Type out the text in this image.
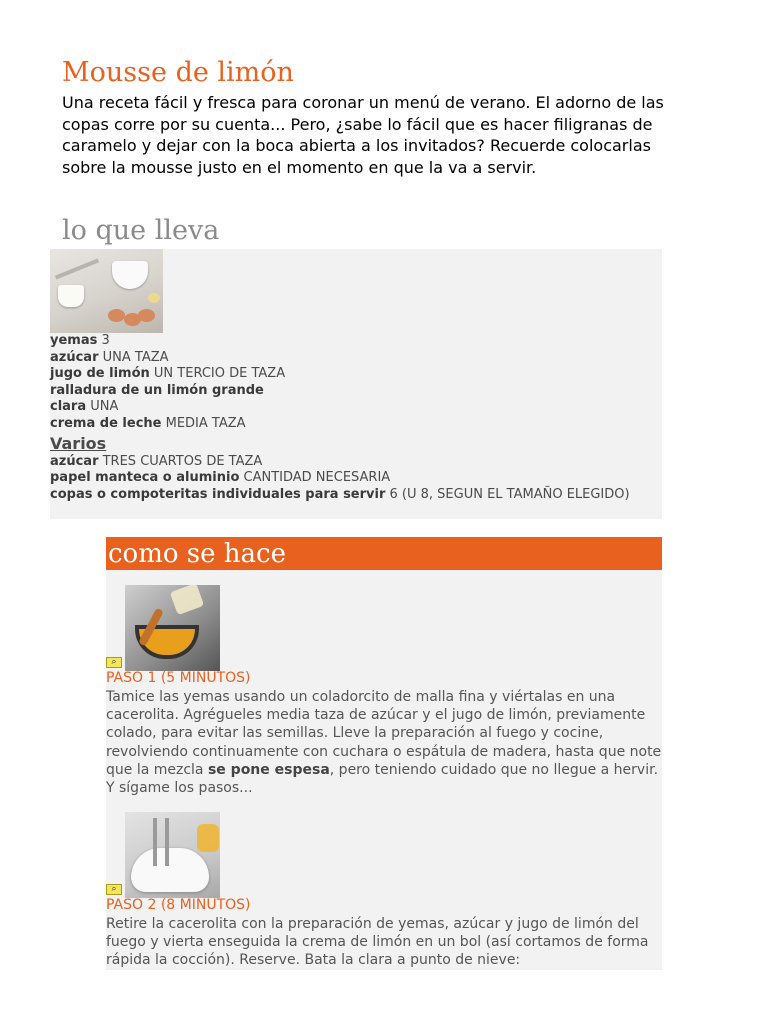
Mousse de limón

Una receta fácil y fresca para coronar un menú de verano. El adorno de las copas corre por su cuenta... Pero, ¿sabe lo fácil que es hacer filigranas de caramelo y dejar con la boca abierta a los invitados? Recuerde colocarlas sobre la mousse justo en el momento en que la va a servir.

lo que lleva
yemas 3
azúcar UNA TAZA
jugo de limón UN TERCIO DE TAZA
ralladura de un limón grande
clara UNA
crema de leche MEDIA TAZA
Varios
azúcar TRES CUARTOS DE TAZA
papel manteca o aluminio CANTIDAD NECESARIA
copas o compoteritas individuales para servir 6 (U 8, SEGUN EL TAMAÑO ELEGIDO)
como se hace
⌕
PASO 1 (5 MINUTOS)

Tamice las yemas usando un coladorcito de malla fina y viértalas en una cacerolita. Agrégueles media taza de azúcar y el jugo de limón, previamente colado, para evitar las semillas. Lleve la preparación al fuego y cocine, revolviendo continuamente con cuchara o espátula de madera, hasta que note que la mezcla se pone espesa, pero teniendo cuidado que no llegue a hervir. Y sígame los pasos...

⌕
PASO 2 (8 MINUTOS)

Retire la cacerolita con la preparación de yemas, azúcar y jugo de limón del fuego y vierta enseguida la crema de limón en un bol (así cortamos de forma rápida la cocción). Reserve. Bata la clara a punto de nieve:
